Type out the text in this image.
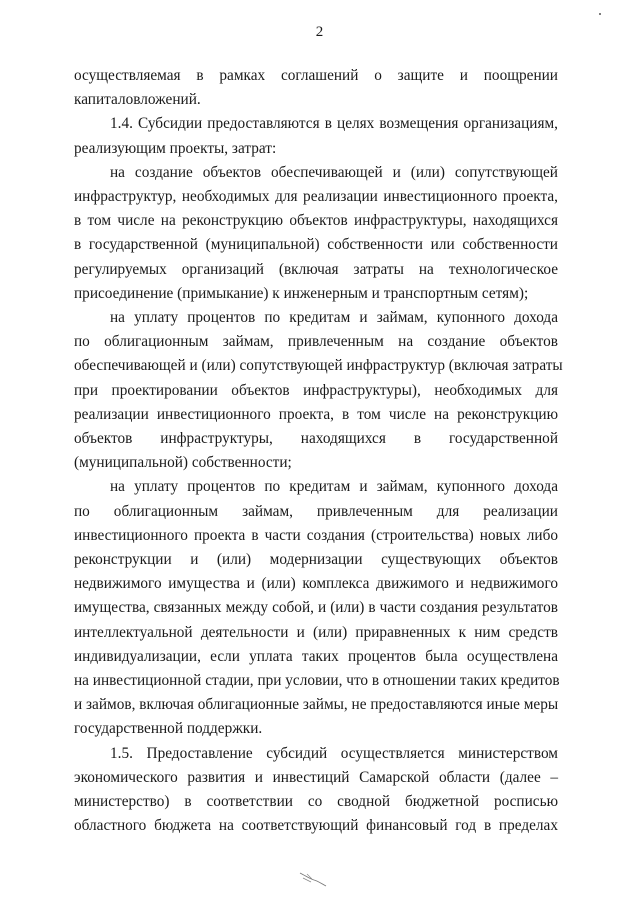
2
осуществляемая в рамках соглашений о защите и поощрении
капиталовложений.
1.4. Субсидии предоставляются в целях возмещения организациям,
реализующим проекты, затрат:
на создание объектов обеспечивающей и (или) сопутствующей
инфраструктур, необходимых для реализации инвестиционного проекта,
в том числе на реконструкцию объектов инфраструктуры, находящихся
в государственной (муниципальной) собственности или собственности
регулируемых организаций (включая затраты на технологическое
присоединение (примыкание) к инженерным и транспортным сетям);
на уплату процентов по кредитам и займам, купонного дохода
по облигационным займам, привлеченным на создание объектов
обеспечивающей и (или) сопутствующей инфраструктур (включая затраты
при проектировании объектов инфраструктуры), необходимых для
реализации инвестиционного проекта, в том числе на реконструкцию
объектов инфраструктуры, находящихся в государственной
(муниципальной) собственности;
на уплату процентов по кредитам и займам, купонного дохода
по облигационным займам, привлеченным для реализации
инвестиционного проекта в части создания (строительства) новых либо
реконструкции и (или) модернизации существующих объектов
недвижимого имущества и (или) комплекса движимого и недвижимого
имущества, связанных между собой, и (или) в части создания результатов
интеллектуальной деятельности и (или) приравненных к ним средств
индивидуализации, если уплата таких процентов была осуществлена
на инвестиционной стадии, при условии, что в отношении таких кредитов
и займов, включая облигационные займы, не предоставляются иные меры
государственной поддержки.
1.5. Предоставление субсидий осуществляется министерством
экономического развития и инвестиций Самарской области (далее –
министерство) в соответствии со сводной бюджетной росписью
областного бюджета на соответствующий финансовый год в пределах
